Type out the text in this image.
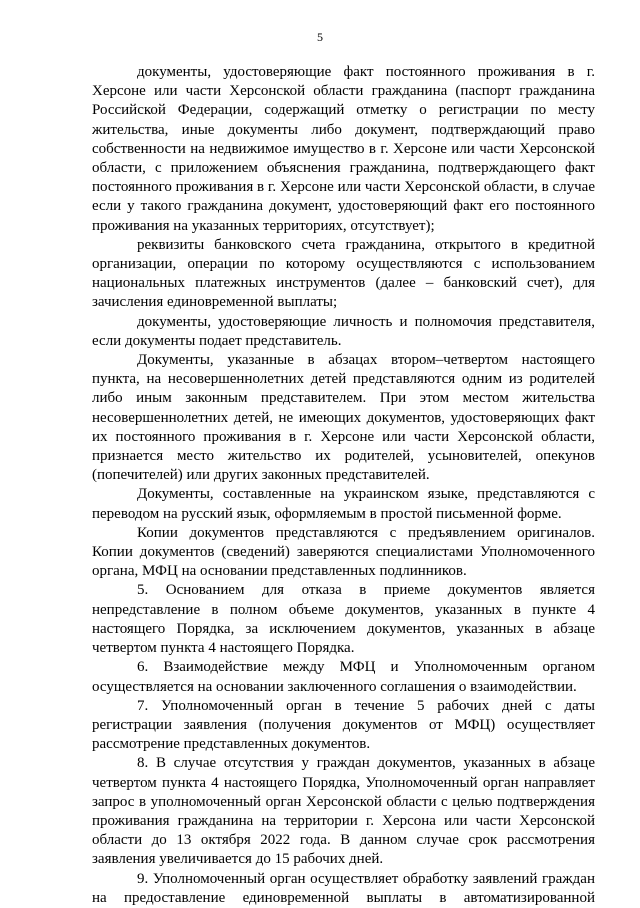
5

документы, удостоверяющие факт постоянного проживания в г. Херсоне или части Херсонской области гражданина (паспорт гражданина Российской Федерации, содержащий отметку о регистрации по месту жительства, иные документы либо документ, подтверждающий право собственности на недвижимое имущество в г. Херсоне или части Херсонской области, с приложением объяснения гражданина, подтверждающего факт постоянного проживания в г. Херсоне или части Херсонской области, в случае если у такого гражданина документ, удостоверяющий факт его постоянного проживания на указанных территориях, отсутствует);

реквизиты банковского счета гражданина, открытого в кредитной организации, операции по которому осуществляются с использованием национальных платежных инструментов (далее – банковский счет), для зачисления единовременной выплаты;

документы, удостоверяющие личность и полномочия представителя, если документы подает представитель.

Документы, указанные в абзацах втором–четвертом настоящего пункта, на несовершеннолетних детей представляются одним из родителей либо иным законным представителем. При этом местом жительства несовершеннолетних детей, не имеющих документов, удостоверяющих факт их постоянного проживания в г. Херсоне или части Херсонской области, признается место жительство их родителей, усыновителей, опекунов (попечителей) или других законных представителей.

Документы, составленные на украинском языке, представляются с переводом на русский язык, оформляемым в простой письменной форме.

Копии документов представляются с предъявлением оригиналов. Копии документов (сведений) заверяются специалистами Уполномоченного органа, МФЦ на основании представленных подлинников.

5. Основанием для отказа в приеме документов является непредставление в полном объеме документов, указанных в пункте 4 настоящего Порядка, за исключением документов, указанных в абзаце четвертом пункта 4 настоящего Порядка.

6. Взаимодействие между МФЦ и Уполномоченным органом осуществляется на основании заключенного соглашения о взаимодействии.

7. Уполномоченный орган в течение 5 рабочих дней с даты регистрации заявления (получения документов от МФЦ) осуществляет рассмотрение представленных документов.

8. В случае отсутствия у граждан документов, указанных в абзаце четвертом пункта 4 настоящего Порядка, Уполномоченный орган направляет запрос в уполномоченный орган Херсонской области с целью подтверждения проживания гражданина на территории г. Херсона или части Херсонской области до 13 октября 2022 года. В данном случае срок рассмотрения заявления увеличивается до 15 рабочих дней.

9. Уполномоченный орган осуществляет обработку заявлений граждан на предоставление единовременной выплаты в автоматизированной
